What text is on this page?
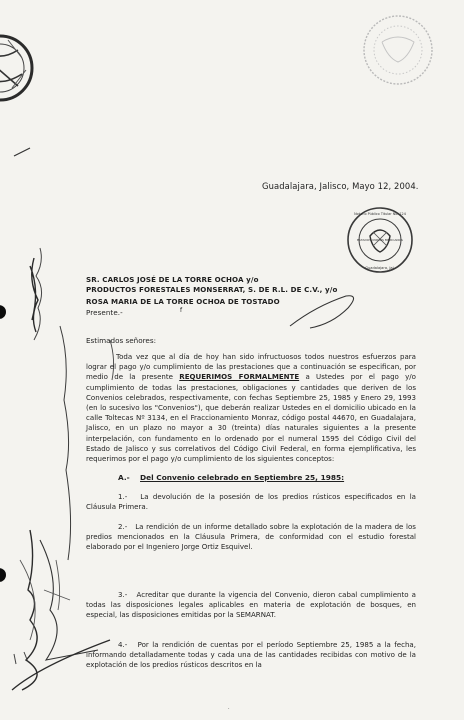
Notario Público Titular No. 124
ESTADOS UNIDOS MEXICANOS
Guadalajara, Jal.
Guadalajara, Jalisco, Mayo 12, 2004.
SR. CARLOS JOSÉ DE LA TORRE OCHOA y/o
PRODUCTOS FORESTALES MONSERRAT, S. DE R.L. DE C.V., y/o
ROSA MARIA DE LA TORRE OCHOA DE TOSTADO
Presente.-	f
Estimados señores:
Toda vez que al día de hoy han sido infructuosos todos nuestros esfuerzos para lograr el pago y/o cumplimiento de las prestaciones que a continuación se especifican, por medio de la presente REQUERIMOS FORMALMENTE a Ustedes por el pago y/o cumplimiento de todas las prestaciones, obligaciones y cantidades que deriven de los Convenios celebrados, respectivamente, con fechas Septiembre 25, 1985 y Enero 29, 1993 (en lo sucesivo los "Convenios"), que deberán realizar Ustedes en el domicilio ubicado en la calle Toltecas Nº 3134, en el Fraccionamiento Monraz, código postal 44670, en Guadalajara, Jalisco, en un plazo no mayor a 30 (treinta) días naturales siguientes a la presente interpelación, con fundamento en lo ordenado por el numeral 1595 del Código Civil del Estado de Jalisco y sus correlativos del Código Civil Federal, en forma ejemplificativa, les requerimos por el pago y/o cumplimiento de los siguientes conceptos:
A.- Del Convenio celebrado en Septiembre 25, 1985:
1.- La devolución de la posesión de los predios rústicos especificados en la Cláusula Primera.
2.- La rendición de un informe detallado sobre la explotación de la madera de los predios mencionados en la Cláusula Primera, de conformidad con el estudio forestal elaborado por el Ingeniero Jorge Ortiz Esquivel.
3.- Acreditar que durante la vigencia del Convenio, dieron cabal cumplimiento a todas las disposiciones legales aplicables en materia de explotación de bosques, en especial, las disposiciones emitidas por la SEMARNAT.
4.- Por la rendición de cuentas por el período Septiembre 25, 1985 a la fecha, informando detalladamente todas y cada una de las cantidades recibidas con motivo de la explotación de los predios rústicos descritos en la
·
